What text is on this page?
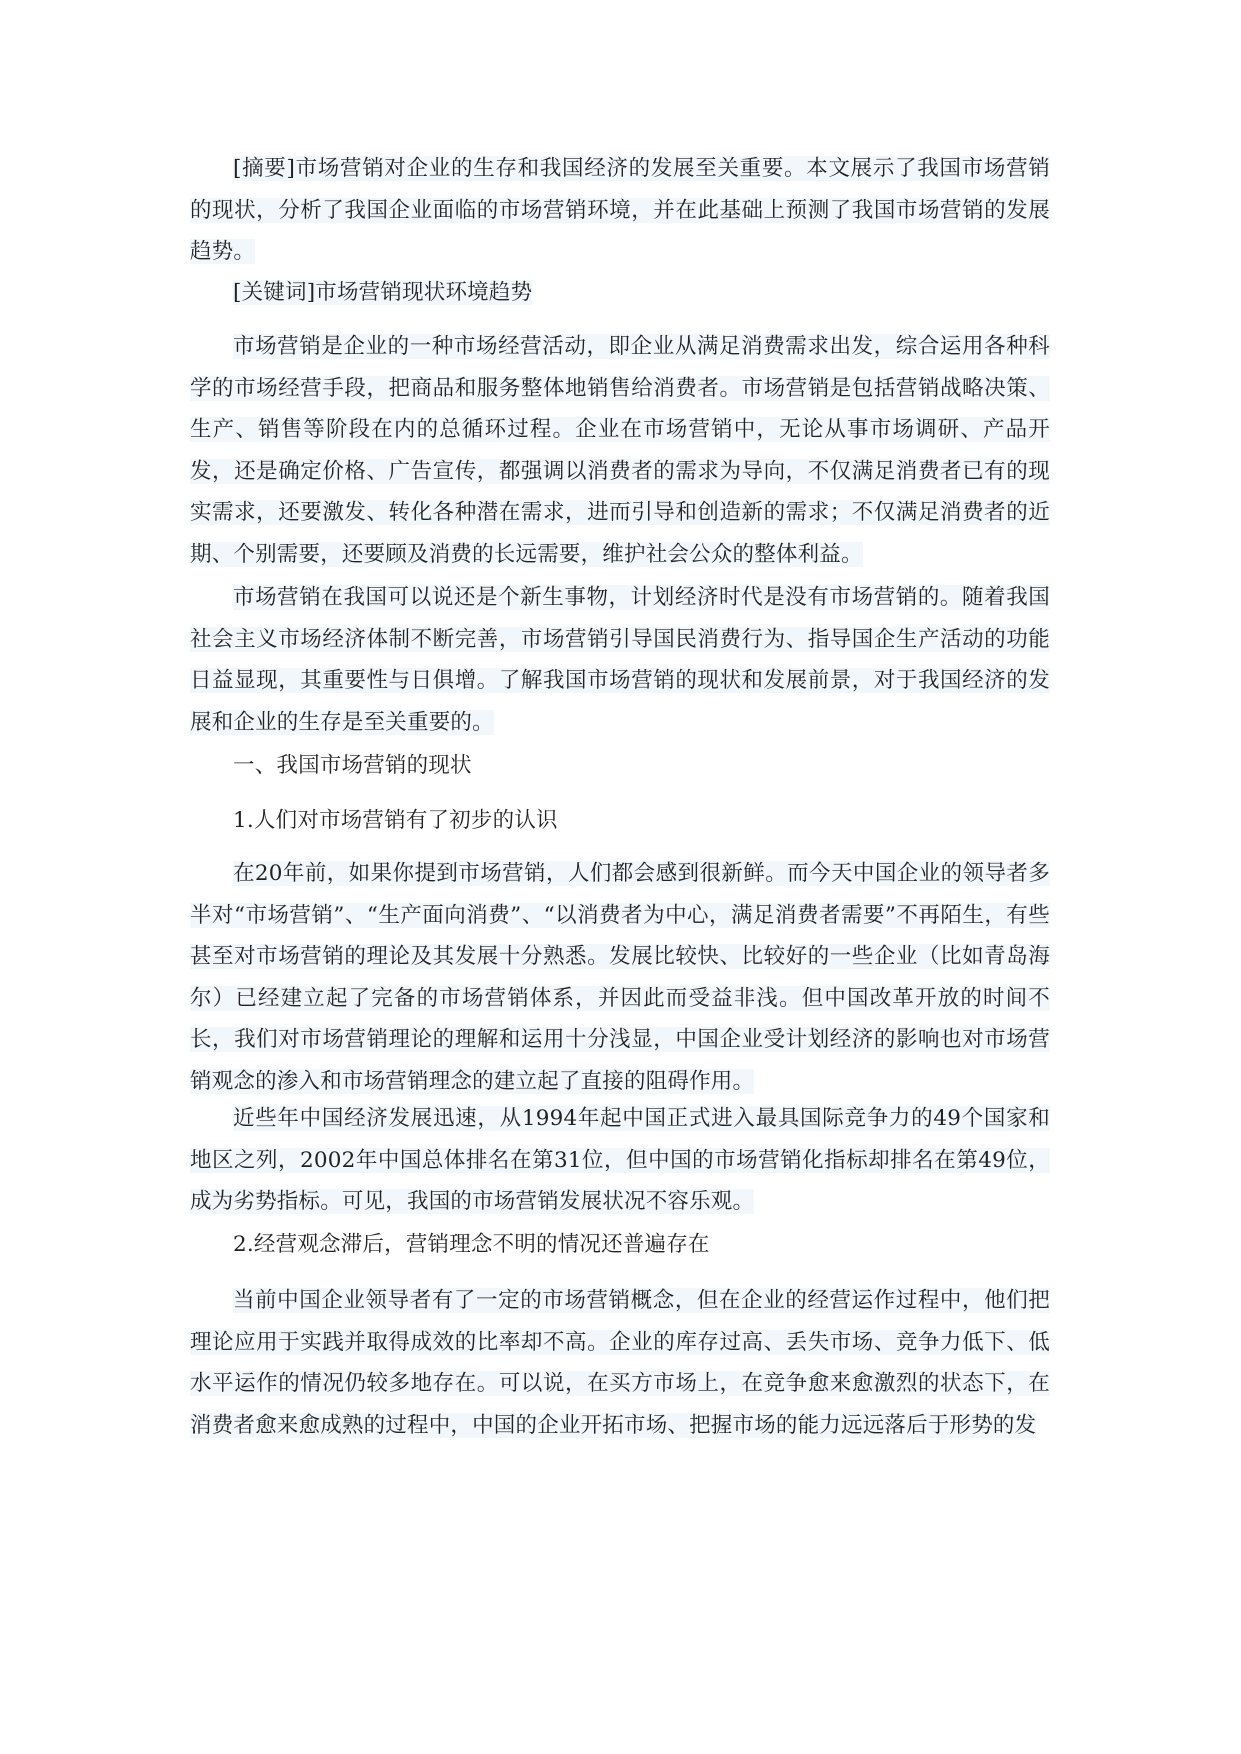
[摘要]市场营销对企业的生存和我国经济的发展至关重要。本文展示了我国市场营销的现状，分析了我国企业面临的市场营销环境，并在此基础上预测了我国市场营销的发展趋势。

[关键词]市场营销现状环境趋势

市场营销是企业的一种市场经营活动，即企业从满足消费需求出发，综合运用各种科学的市场经营手段，把商品和服务整体地销售给消费者。市场营销是包括营销战略决策、生产、销售等阶段在内的总循环过程。企业在市场营销中，无论从事市场调研、产品开发，还是确定价格、广告宣传，都强调以消费者的需求为导向，不仅满足消费者已有的现实需求，还要激发、转化各种潜在需求，进而引导和创造新的需求；不仅满足消费者的近期、个别需要，还要顾及消费的长远需要，维护社会公众的整体利益。

市场营销在我国可以说还是个新生事物，计划经济时代是没有市场营销的。随着我国社会主义市场经济体制不断完善，市场营销引导国民消费行为、指导国企生产活动的功能日益显现，其重要性与日俱增。了解我国市场营销的现状和发展前景，对于我国经济的发展和企业的生存是至关重要的。

一、我国市场营销的现状

1.人们对市场营销有了初步的认识

在20年前，如果你提到市场营销，人们都会感到很新鲜。而今天中国企业的领导者多半对“市场营销”、“生产面向消费”、“以消费者为中心，满足消费者需要”不再陌生，有些甚至对市场营销的理论及其发展十分熟悉。发展比较快、比较好的一些企业（比如青岛海尔）已经建立起了完备的市场营销体系，并因此而受益非浅。但中国改革开放的时间不长，我们对市场营销理论的理解和运用十分浅显，中国企业受计划经济的影响也对市场营销观念的渗入和市场营销理念的建立起了直接的阻碍作用。

近些年中国经济发展迅速，从1994年起中国正式进入最具国际竞争力的49个国家和地区之列，2002年中国总体排名在第31位，但中国的市场营销化指标却排名在第49位，成为劣势指标。可见，我国的市场营销发展状况不容乐观。

2.经营观念滞后，营销理念不明的情况还普遍存在

当前中国企业领导者有了一定的市场营销概念，但在企业的经营运作过程中，他们把理论应用于实践并取得成效的比率却不高。企业的库存过高、丢失市场、竞争力低下、低水平运作的情况仍较多地存在。可以说，在买方市场上，在竞争愈来愈激烈的状态下，在消费者愈来愈成熟的过程中，中国的企业开拓市场、把握市场的能力远远落后于形势的发
